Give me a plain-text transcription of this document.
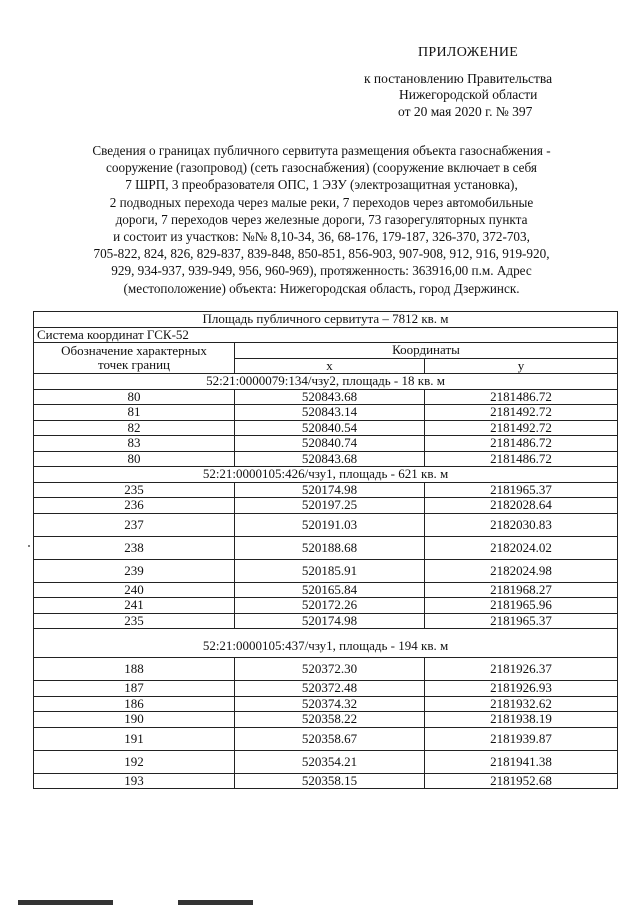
ПРИЛОЖЕНИЕ
к постановлению Правительства
Нижегородской области
от 20 мая 2020 г. № 397
Сведения о границах публичного сервитута размещения объекта газоснабжения -
сооружение (газопровод) (сеть газоснабжения) (сооружение включает в себя
7 ШРП, 3 преобразователя ОПС, 1 ЭЗУ (электрозащитная установка),
2 подводных перехода через малые реки, 7 переходов через автомобильные
дороги, 7 переходов через железные дороги, 73 газорегуляторных пункта
и состоит из участков: №№ 8,10-34, 36, 68-176, 179-187, 326-370, 372-703,
705-822, 824, 826, 829-837, 839-848, 850-851, 856-903, 907-908, 912, 916, 919-920,
929, 934-937, 939-949, 956, 960-969), протяженность: 363916,00 п.м. Адрес
(местоположение) объекта: Нижегородская область, город Дзержинск.
Площадь публичного сервитута – 7812 кв. м		
Система координат ГСК-52		

Обозначение характерных
точек границ	Координаты	
	x	y
52:21:0000079:134/чзу2, площадь - 18 кв. м		
80	520843.68	2181486.72
81	520843.14	2181492.72
82	520840.54	2181492.72
83	520840.74	2181486.72
80	520843.68	2181486.72
52:21:0000105:426/чзу1, площадь - 621 кв. м		
235	520174.98	2181965.37
236	520197.25	2182028.64
237	520191.03	2182030.83
238	520188.68	2182024.02
239	520185.91	2182024.98
240	520165.84	2181968.27
241	520172.26	2181965.96
235	520174.98	2181965.37
52:21:0000105:437/чзу1, площадь - 194 кв. м		
188	520372.30	2181926.37
187	520372.48	2181926.93
186	520374.32	2181932.62
190	520358.22	2181938.19
191	520358.67	2181939.87
192	520354.21	2181941.38
193	520358.15	2181952.68
